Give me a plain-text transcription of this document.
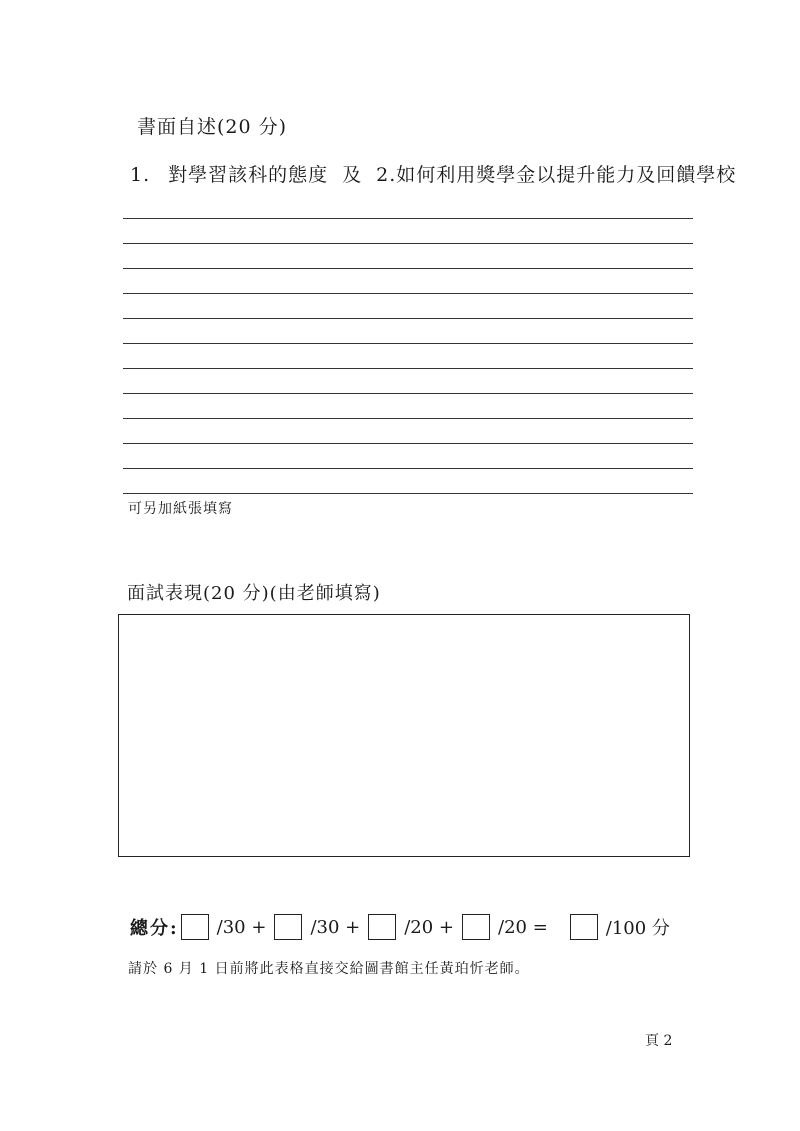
書面自述(20 分)
1. 對學習該科的態度 及 2.如何利用獎學金以提升能力及回饋學校
可另加紙張填寫
面試表現(20 分)(由老師填寫)
總分: /30 + /30 + /20 + /20 =	/100 分
請於 6 月 1 日前將此表格直接交給圖書館主任黃珀忻老師。
頁 2
